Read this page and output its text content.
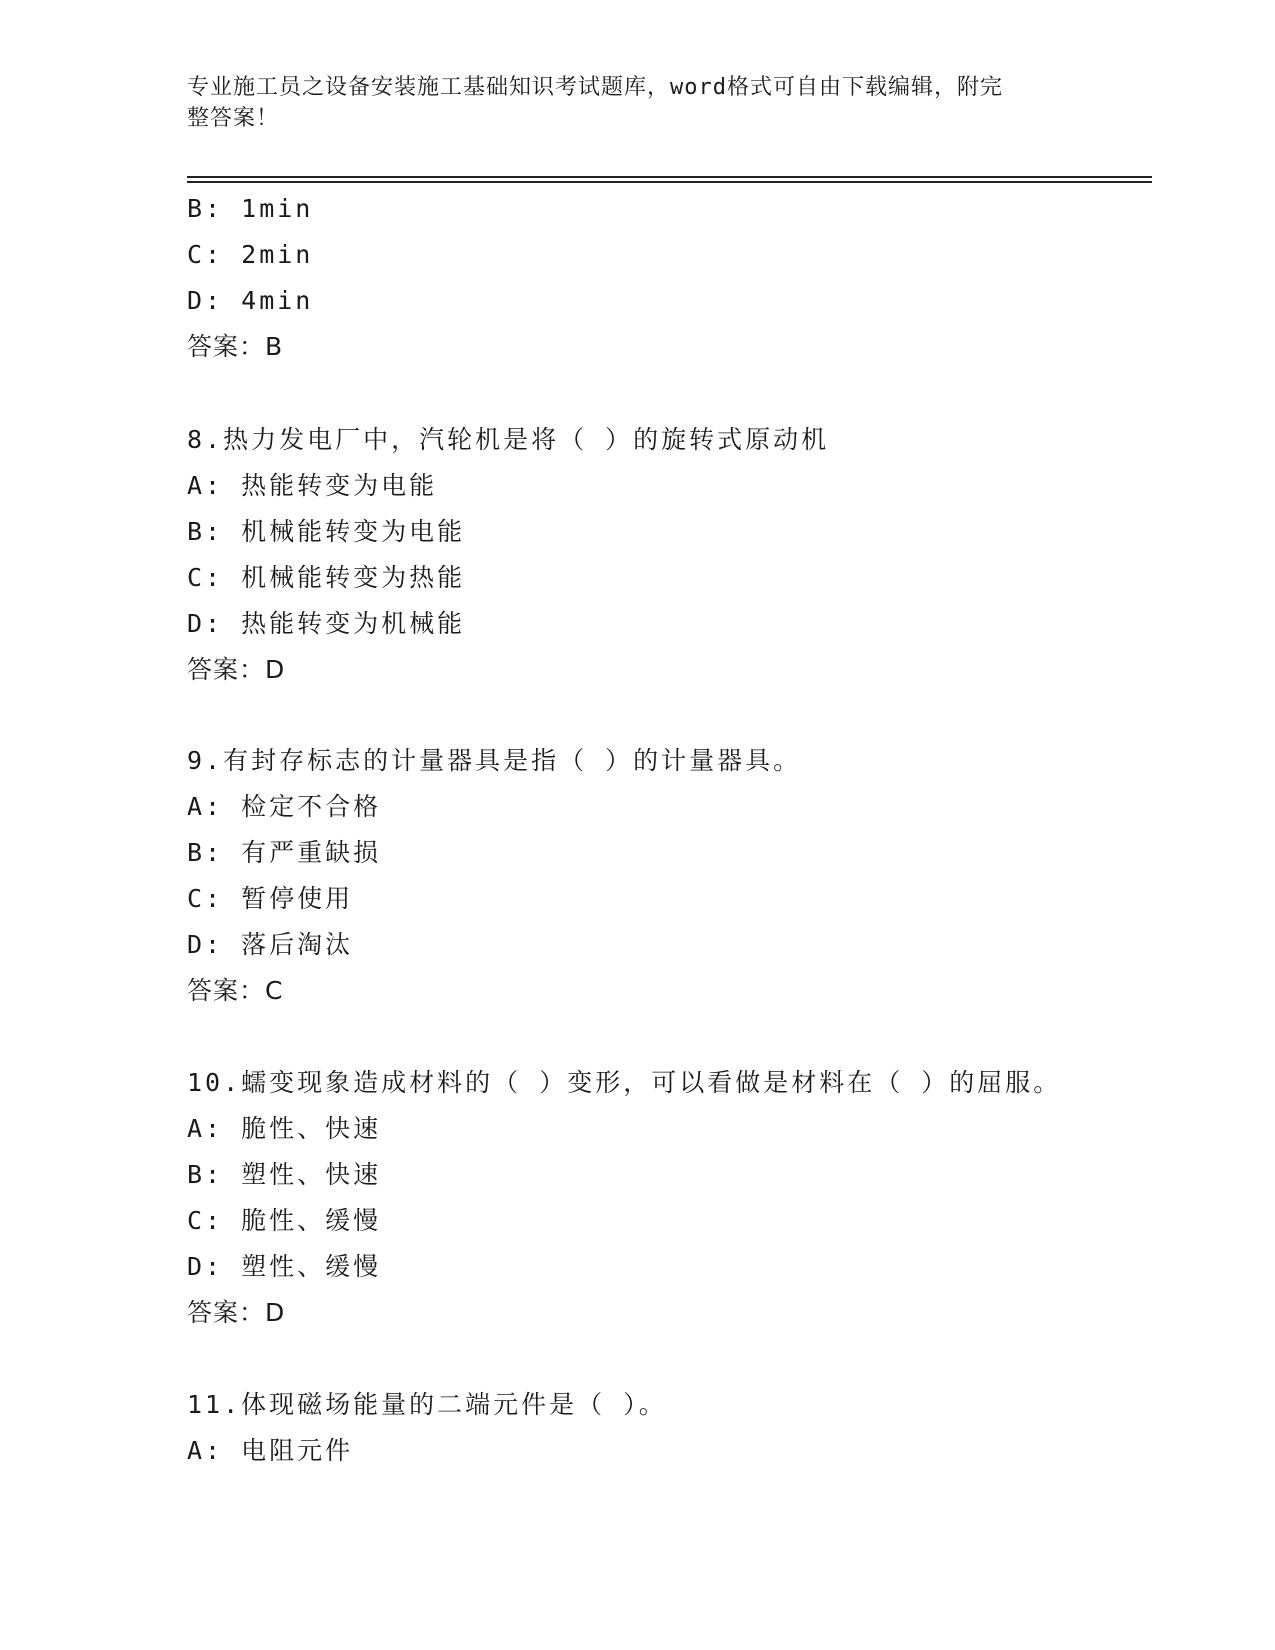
专业施工员之设备安装施工基础知识考试题库，word格式可自由下载编辑，附完
整答案！
B: 1min
C: 2min
D: 4min
答案：B
8.热力发电厂中，汽轮机是将（ ）的旋转式原动机
A: 热能转变为电能
B: 机械能转变为电能
C: 机械能转变为热能
D: 热能转变为机械能
答案：D
9.有封存标志的计量器具是指（ ）的计量器具。
A: 检定不合格
B: 有严重缺损
C: 暂停使用
D: 落后淘汰
答案：C
10.蠕变现象造成材料的（ ）变形，可以看做是材料在（ ）的屈服。
A: 脆性、快速
B: 塑性、快速
C: 脆性、缓慢
D: 塑性、缓慢
答案：D
11.体现磁场能量的二端元件是（ ）。
A: 电阻元件
